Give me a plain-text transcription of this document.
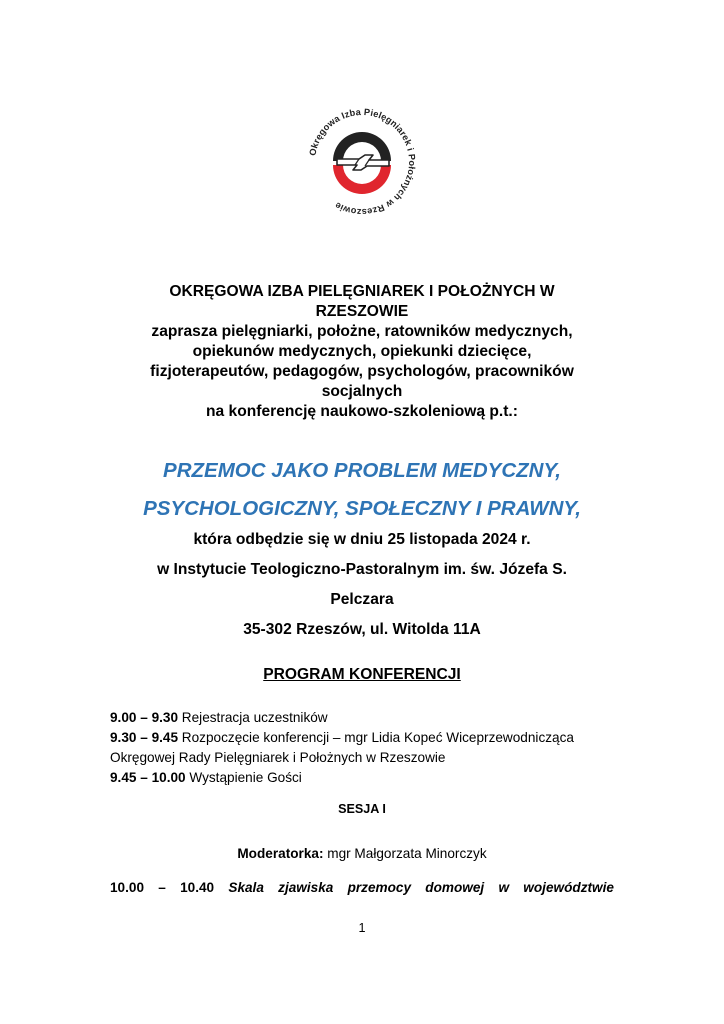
Okręgowa Izba Pielęgniarek i Położnych w Rzeszowie

OKRĘGOWA IZBA PIELĘGNIAREK I POŁOŻNYCH W

RZESZOWIE

zaprasza pielęgniarki, położne, ratowników medycznych,

opiekunów medycznych, opiekunki dziecięce,

fizjoterapeutów, pedagogów, psychologów, pracowników

socjalnych

na konferencję naukowo-szkoleniową p.t.:

PRZEMOC JAKO PROBLEM MEDYCZNY,

PSYCHOLOGICZNY, SPOŁECZNY I PRAWNY,

która odbędzie się w dniu 25 listopada 2024 r.

w Instytucie Teologiczno-Pastoralnym im. św. Józefa S.

Pelczara

35-302 Rzeszów, ul. Witolda 11A

PROGRAM KONFERENCJI

9.00 – 9.30 Rejestracja uczestników

9.30 – 9.45 Rozpoczęcie konferencji – mgr Lidia Kopeć Wiceprzewodnicząca

Okręgowej Rady Pielęgniarek i Położnych w Rzeszowie

9.45 – 10.00 Wystąpienie Gości

SESJA I
Moderatorka: mgr Małgorzata Minorczyk
10.00 – 10.40 Skala zjawiska przemocy domowej w województwie
1
